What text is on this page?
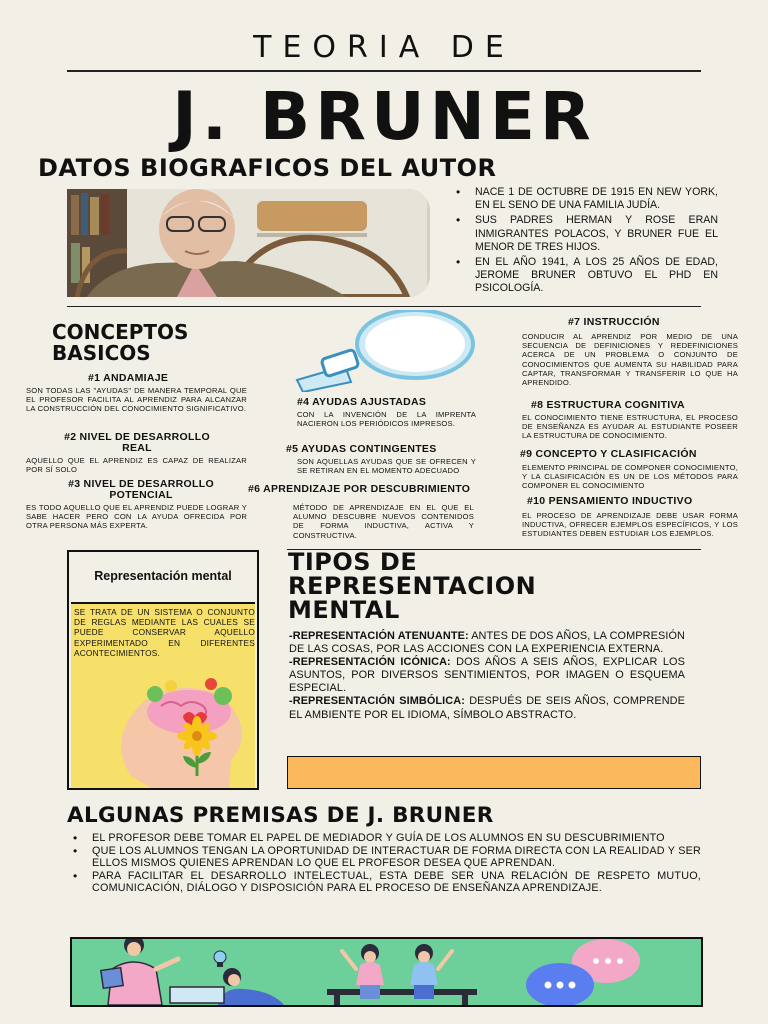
TEORIA DE
J. BRUNER
DATOS BIOGRAFICOS DEL AUTOR
• NACE 1 DE OCTUBRE DE 1915 EN NEW YORK, EN EL SENO DE UNA FAMILIA JUDÍA.
• SUS PADRES HERMAN Y ROSE ERAN INMIGRANTES POLACOS, Y BRUNER FUE EL MENOR DE TRES HIJOS.
• EN EL AÑO 1941, A LOS 25 AÑOS DE EDAD, JEROME BRUNER OBTUVO EL PHD EN PSICOLOGÍA.
CONCEPTOS
BASICOS
#1 ANDAMIAJE
SON TODAS LAS "AYUDAS" DE MANERA TEMPORAL QUE EL PROFESOR FACILITA AL APRENDIZ PARA ALCANZAR LA CONSTRUCCIÓN DEL CONOCIMIENTO SIGNIFICATIVO.
#2 NIVEL DE DESARROLLO
REAL
AQUELLO QUE EL APRENDIZ ES CAPAZ DE REALIZAR POR SÍ SOLO
#3 NIVEL DE DESARROLLO
POTENCIAL
ES TODO AQUELLO QUE EL APRENDIZ PUEDE LOGRAR Y SABE HACER PERO CON LA AYUDA OFRECIDA POR OTRA PERSONA MÁS EXPERTA.
#4 AYUDAS AJUSTADAS
CON LA INVENCIÓN DE LA IMPRENTA NACIERON LOS PERIÓDICOS IMPRESOS.
#5 AYUDAS CONTINGENTES
SON AQUELLAS AYUDAS QUE SE OFRECEN Y SE RETIRAN EN EL MOMENTO ADECUADO
#6 APRENDIZAJE POR DESCUBRIMIENTO
MÉTODO DE APRENDIZAJE EN EL QUE EL ALUMNO DESCUBRE NUEVOS CONTENIDOS DE FORMA INDUCTIVA, ACTIVA Y CONSTRUCTIVA.
#7 INSTRUCCIÓN
CONDUCIR AL APRENDIZ POR MEDIO DE UNA SECUENCIA DE DEFINICIONES Y REDEFINICIONES ACERCA DE UN PROBLEMA O CONJUNTO DE CONOCIMIENTOS QUE AUMENTA SU HABILIDAD PARA CAPTAR, TRANSFORMAR Y TRANSFERIR LO QUE HA APRENDIDO.
#8 ESTRUCTURA COGNITIVA
EL CONOCIMIENTO TIENE ESTRUCTURA, EL PROCESO DE ENSEÑANZA ES AYUDAR AL ESTUDIANTE POSEER LA ESTRUCTURA DE CONOCIMIENTO.
#9 CONCEPTO Y CLASIFICACIÓN
ELEMENTO PRINCIPAL DE COMPONER CONOCIMIENTO, Y LA CLASIFICACIÓN ES UN DE LOS MÉTODOS PARA COMPONER EL CONOCIMIENTO
#10 PENSAMIENTO INDUCTIVO
EL PROCESO DE APRENDIZAJE DEBE USAR FORMA INDUCTIVA, OFRECER EJEMPLOS ESPECÍFICOS, Y LOS ESTUDIANTES DEBEN ESTUDIAR LOS EJEMPLOS.
Representación mental
SE TRATA DE UN SISTEMA O CONJUNTO DE REGLAS MEDIANTE LAS CUALES SE PUEDE CONSERVAR AQUELLO EXPERIMENTADO EN DIFERENTES ACONTECIMIENTOS.
TIPOS DE
REPRESENTACION
MENTAL

-REPRESENTACIÓN ATENUANTE: ANTES DE DOS AÑOS, LA COMPRESIÓN DE LAS COSAS, POR LAS ACCIONES CON LA EXPERIENCIA EXTERNA.

-REPRESENTACIÓN ICÓNICA: DOS AÑOS A SEIS AÑOS, EXPLICAR LOS ASUNTOS, POR DIVERSOS SENTIMIENTOS, POR IMAGEN O ESQUEMA ESPECIAL.

-REPRESENTACIÓN SIMBÓLICA: DESPUÉS DE SEIS AÑOS, COMPRENDE EL AMBIENTE POR EL IDIOMA, SÍMBOLO ABSTRACTO.

ALGUNAS PREMISAS DE J. BRUNER
• EL PROFESOR DEBE TOMAR EL PAPEL DE MEDIADOR Y GUÍA DE LOS ALUMNOS EN SU DESCUBRIMIENTO
• QUE LOS ALUMNOS TENGAN LA OPORTUNIDAD DE INTERACTUAR DE FORMA DIRECTA CON LA REALIDAD Y SER ELLOS MISMOS QUIENES APRENDAN LO QUE EL PROFESOR DESEA QUE APRENDAN.
• PARA FACILITAR EL DESARROLLO INTELECTUAL, ESTA DEBE SER UNA RELACIÓN DE RESPETO MUTUO, COMUNICACIÓN, DIÁLOGO Y DISPOSICIÓN PARA EL PROCESO DE ENSEÑANZA APRENDIZAJE.
